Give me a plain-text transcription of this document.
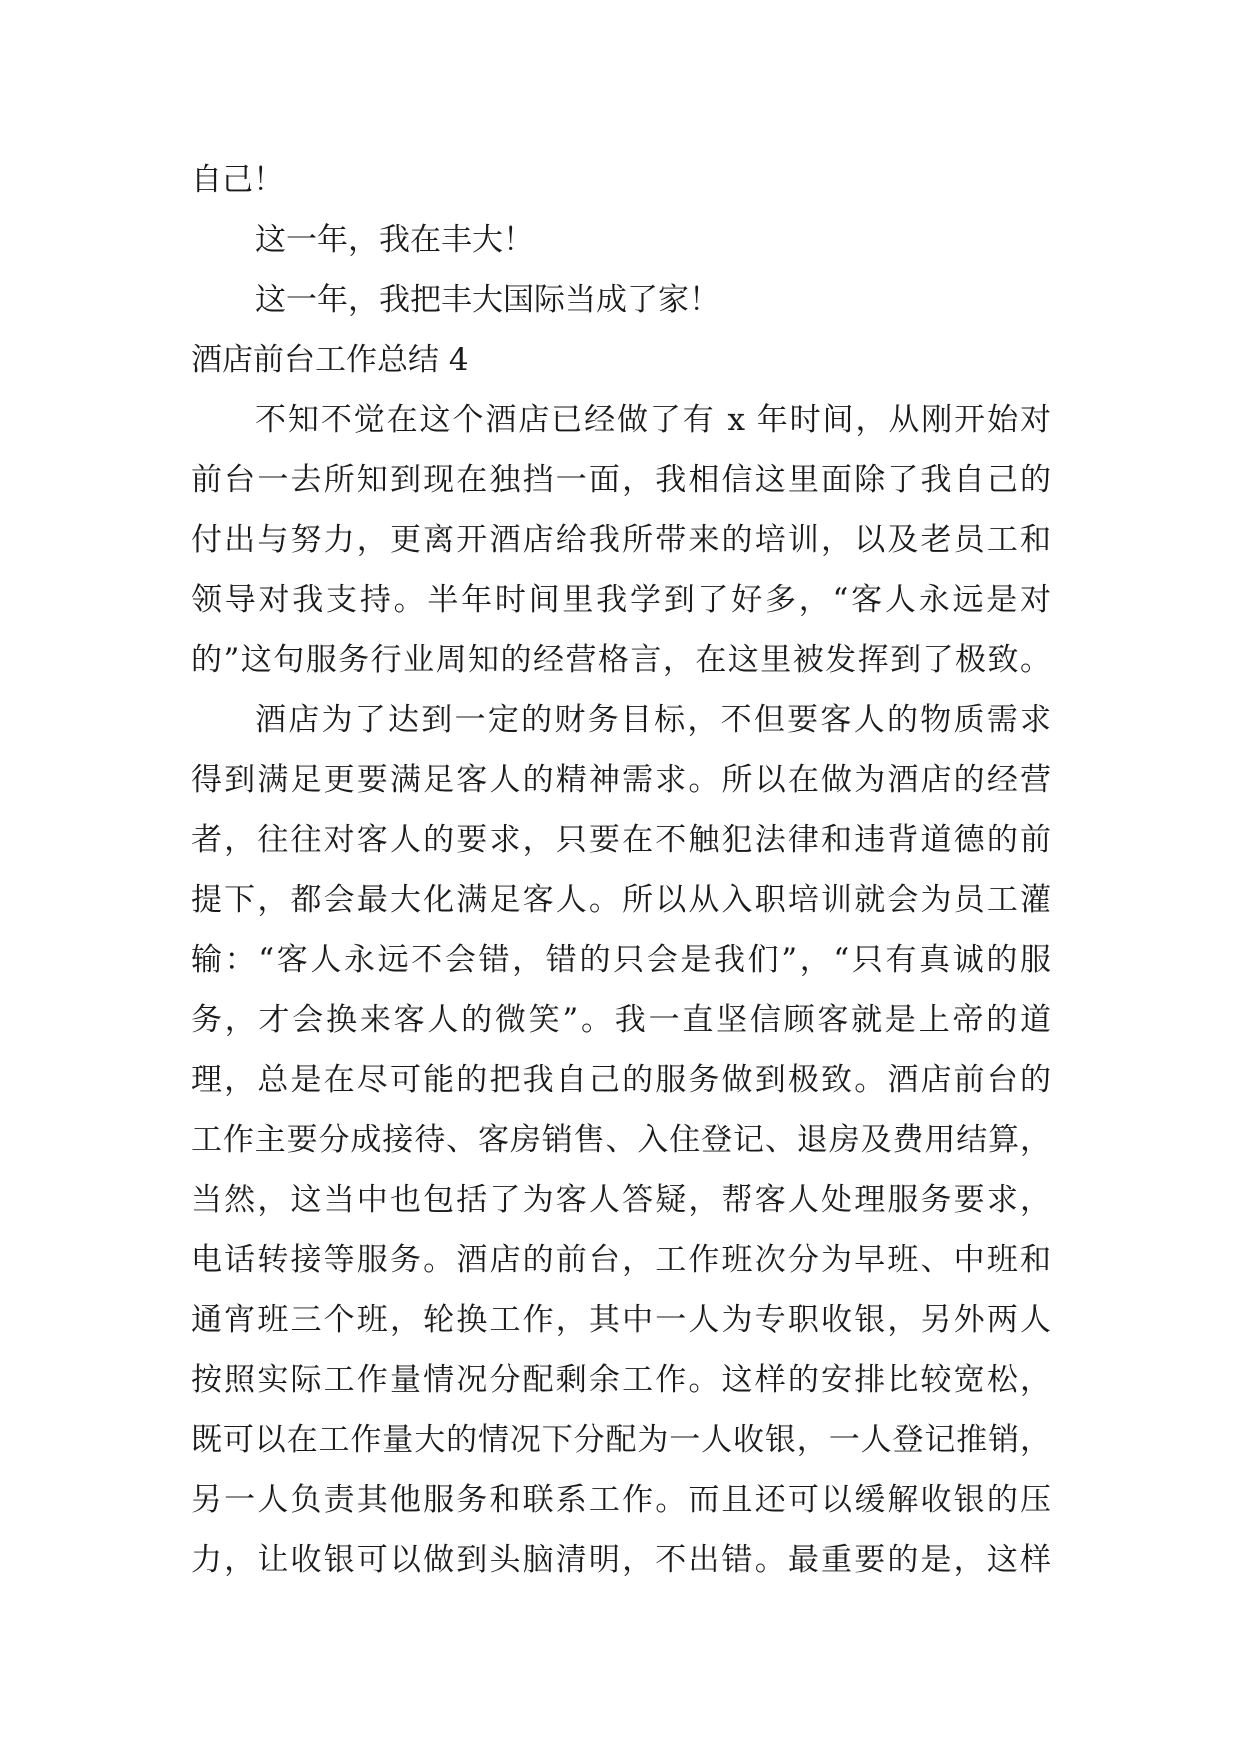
自己！
这一年，我在丰大！
这一年，我把丰大国际当成了家！
酒店前台工作总结 4
不知不觉在这个酒店已经做了有 x 年时间，从刚开始对
前台一去所知到现在独挡一面，我相信这里面除了我自己的
付出与努力，更离开酒店给我所带来的培训，以及老员工和
领导对我支持。半年时间里我学到了好多，“客人永远是对
的”这句服务行业周知的经营格言，在这里被发挥到了极致。
酒店为了达到一定的财务目标，不但要客人的物质需求
得到满足更要满足客人的精神需求。所以在做为酒店的经营
者，往往对客人的要求，只要在不触犯法律和违背道德的前
提下，都会最大化满足客人。所以从入职培训就会为员工灌
输：“客人永远不会错，错的只会是我们”，“只有真诚的服
务，才会换来客人的微笑”。我一直坚信顾客就是上帝的道
理，总是在尽可能的把我自己的服务做到极致。酒店前台的
工作主要分成接待、客房销售、入住登记、退房及费用结算，
当然，这当中也包括了为客人答疑，帮客人处理服务要求，
电话转接等服务。酒店的前台，工作班次分为早班、中班和
通宵班三个班，轮换工作，其中一人为专职收银，另外两人
按照实际工作量情况分配剩余工作。这样的安排比较宽松，
既可以在工作量大的情况下分配为一人收银，一人登记推销，
另一人负责其他服务和联系工作。而且还可以缓解收银的压
力，让收银可以做到头脑清明，不出错。最重要的是，这样
